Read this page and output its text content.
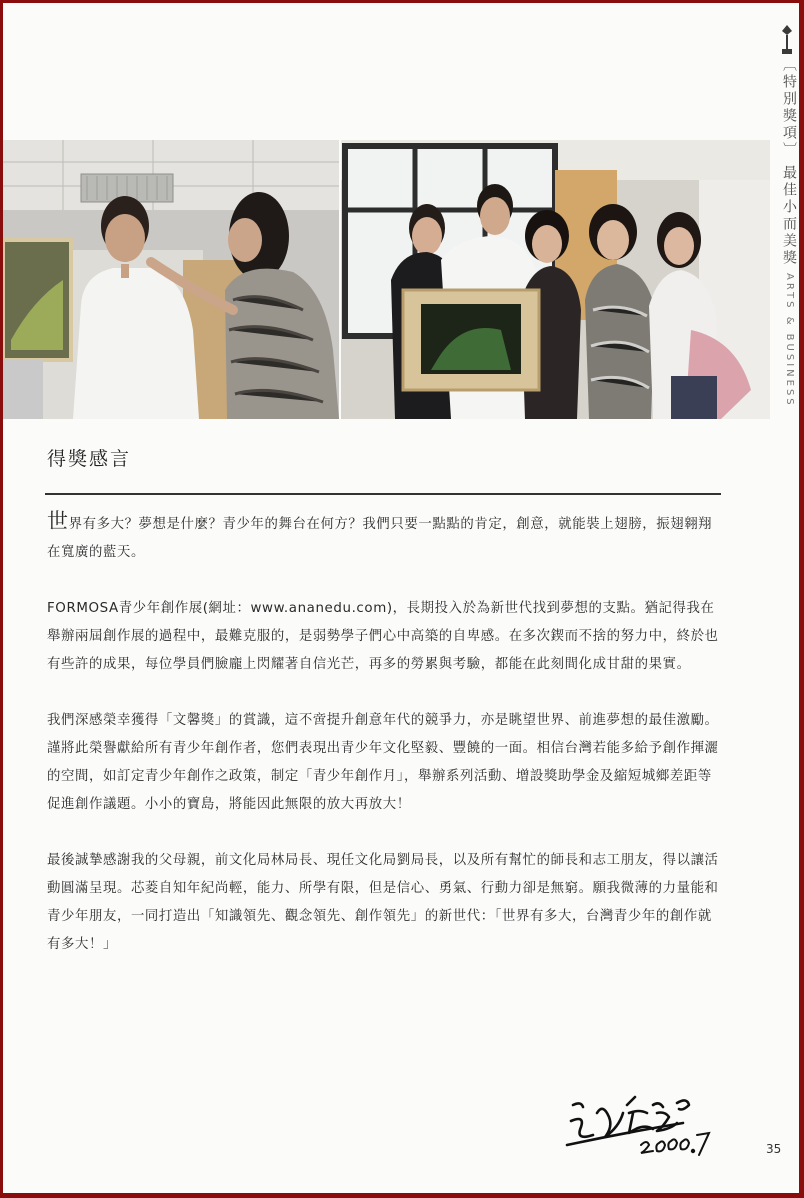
〔特別獎項〕最佳小而美獎ARTS & BUSINESS
得獎感言

世界有多大？夢想是什麼？青少年的舞台在何方？我們只要一點點的肯定，創意，就能裝上翅膀，振翅翱翔在寬廣的藍天。

FORMOSA青少年創作展(網址：www.ananedu.com)，長期投入於為新世代找到夢想的支點。猶記得我在舉辦兩屆創作展的過程中，最難克服的，是弱勢學子們心中高築的自卑感。在多次鍥而不捨的努力中，終於也有些許的成果，每位學員們臉龐上閃耀著自信光芒，再多的勞累與考驗，都能在此刻間化成甘甜的果實。

我們深感榮幸獲得「文馨獎」的賞識，這不啻提升創意年代的競爭力，亦是眺望世界、前進夢想的最佳激勵。謹將此榮譽獻給所有青少年創作者，您們表現出青少年文化堅毅、豐饒的一面。相信台灣若能多給予創作揮灑的空間，如訂定青少年創作之政策，制定「青少年創作月」，舉辦系列活動、增設獎助學金及縮短城鄉差距等促進創作議題。小小的寶島，將能因此無限的放大再放大！

最後誠摯感謝我的父母親，前文化局林局長、現任文化局劉局長，以及所有幫忙的師長和志工朋友，得以讓活動圓滿呈現。芯菱自知年紀尚輕，能力、所學有限，但是信心、勇氣、行動力卻是無窮。願我微薄的力量能和青少年朋友，一同打造出「知識領先、觀念領先、創作領先」的新世代：「世界有多大，台灣青少年的創作就有多大！」

35
